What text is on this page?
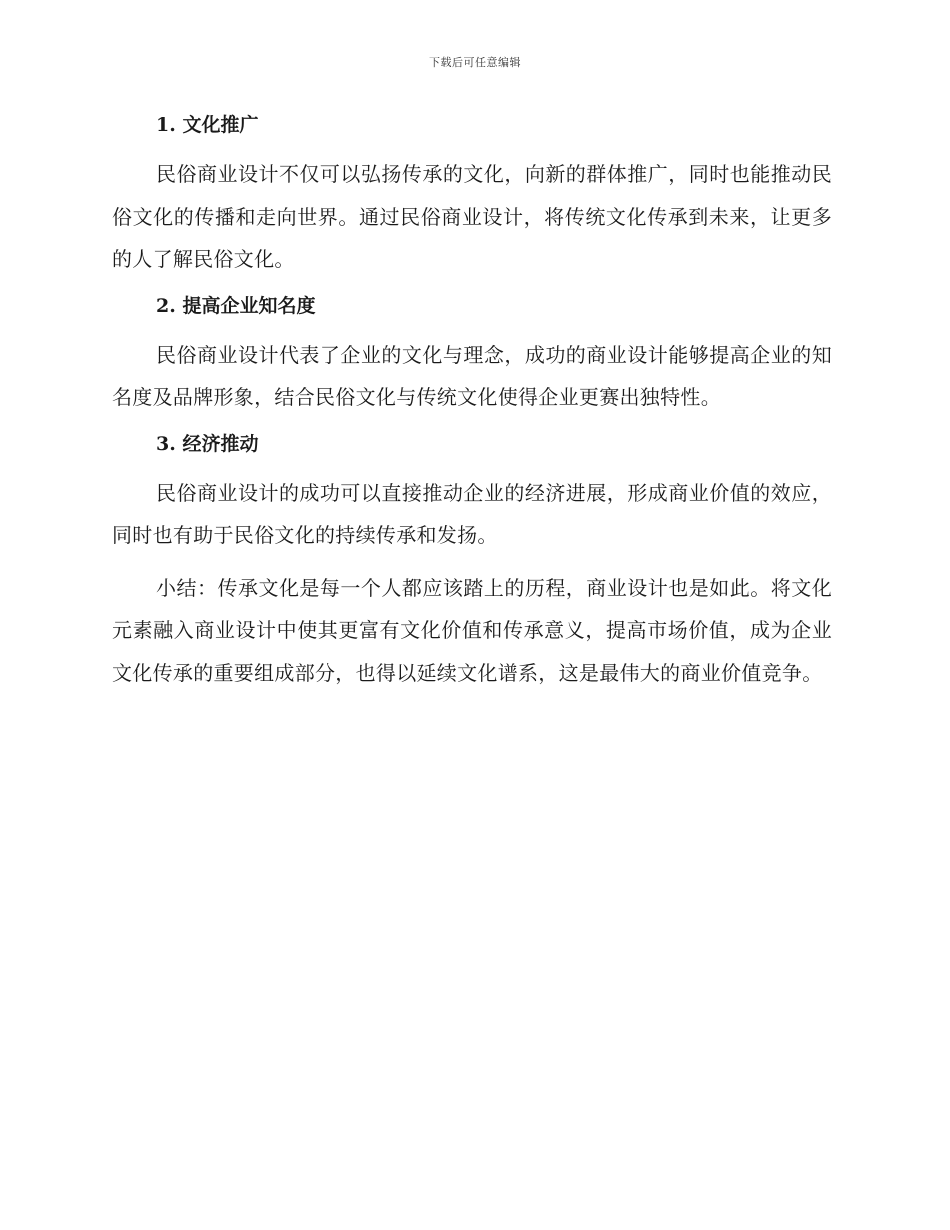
下载后可任意编辑
1. 文化推广

民俗商业设计不仅可以弘扬传承的文化，向新的群体推广，同时也能推动民俗文化的传播和走向世界。通过民俗商业设计，将传统文化传承到未来，让更多的人了解民俗文化。

2. 提高企业知名度

民俗商业设计代表了企业的文化与理念，成功的商业设计能够提高企业的知名度及品牌形象，结合民俗文化与传统文化使得企业更赛出独特性。

3. 经济推动

民俗商业设计的成功可以直接推动企业的经济进展，形成商业价值的效应，同时也有助于民俗文化的持续传承和发扬。

小结：传承文化是每一个人都应该踏上的历程，商业设计也是如此。将文化元素融入商业设计中使其更富有文化价值和传承意义，提高市场价值，成为企业文化传承的重要组成部分，也得以延续文化谱系，这是最伟大的商业价值竞争。
